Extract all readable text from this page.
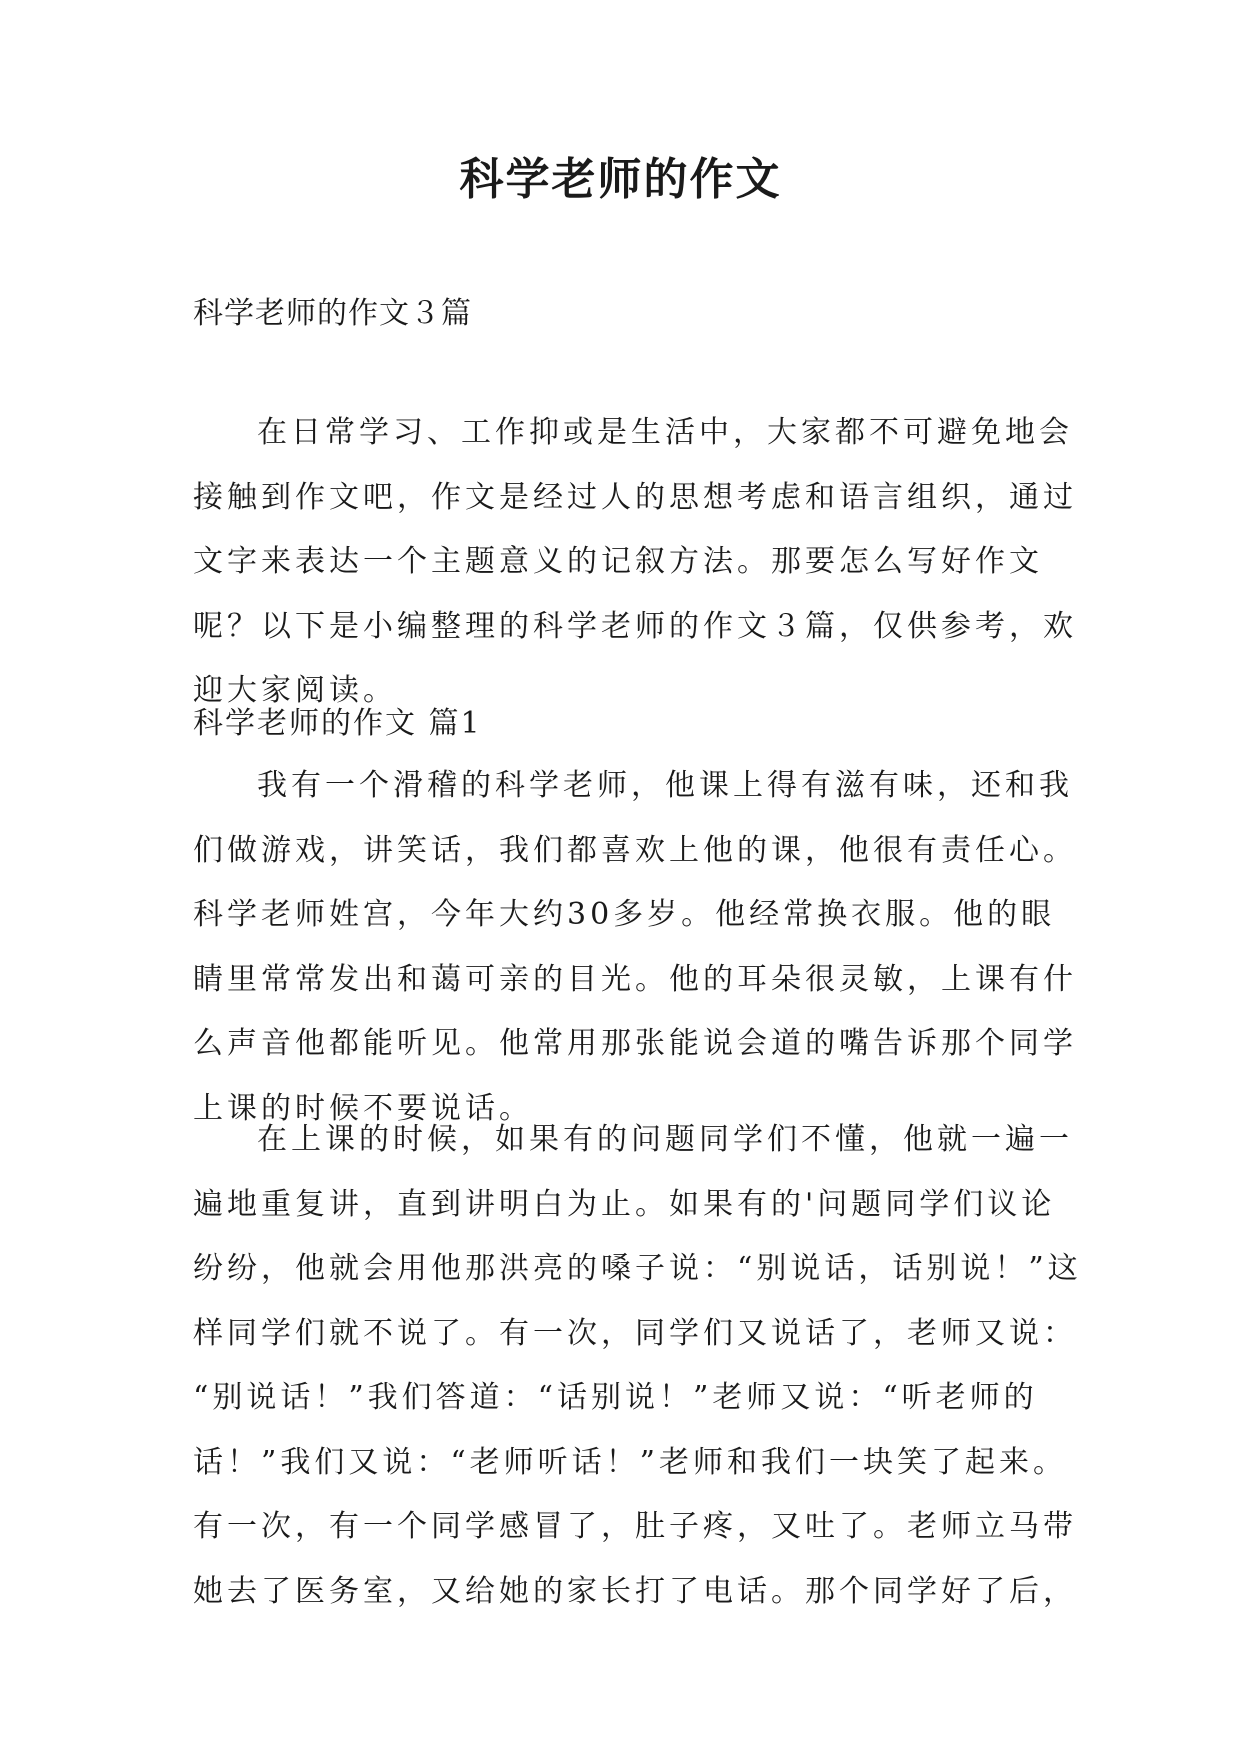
科学老师的作文

科学老师的作文３篇

在日常学习、工作抑或是生活中，大家都不可避免地会
接触到作文吧，作文是经过人的思想考虑和语言组织，通过
文字来表达一个主题意义的记叙方法。那要怎么写好作文
呢？以下是小编整理的科学老师的作文３篇，仅供参考，欢
迎大家阅读。

科学老师的作文 篇1

我有一个滑稽的科学老师，他课上得有滋有味，还和我
们做游戏，讲笑话，我们都喜欢上他的课，他很有责任心。
科学老师姓宫，今年大约30多岁。他经常换衣服。他的眼
睛里常常发出和蔼可亲的目光。他的耳朵很灵敏，上课有什
么声音他都能听见。他常用那张能说会道的嘴告诉那个同学
上课的时候不要说话。
在上课的时候，如果有的问题同学们不懂，他就一遍一
遍地重复讲，直到讲明白为止。如果有的'问题同学们议论
纷纷，他就会用他那洪亮的嗓子说：“别说话，话别说！”这
样同学们就不说了。有一次，同学们又说话了，老师又说：
“别说话！”我们答道：“话别说！”老师又说：“听老师的
话！”我们又说：“老师听话！”老师和我们一块笑了起来。
有一次，有一个同学感冒了，肚子疼，又吐了。老师立马带
她去了医务室，又给她的家长打了电话。那个同学好了后，
